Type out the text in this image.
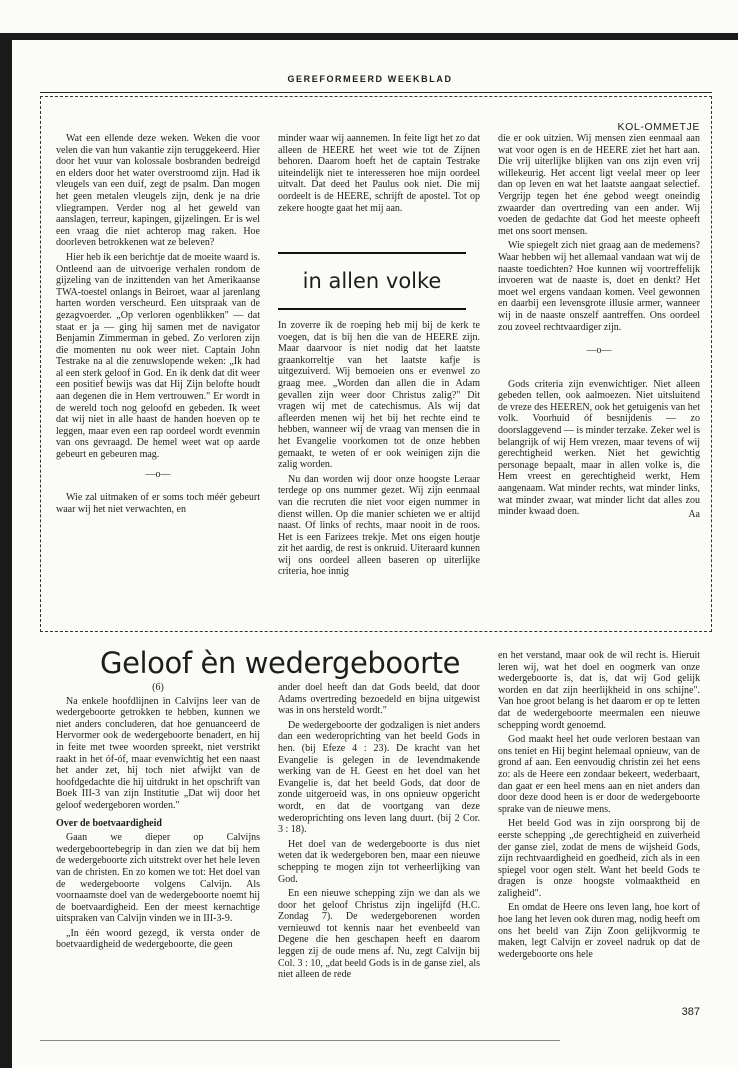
GEREFORMEERD WEEKBLAD
KOL-OMMETJE

Wat een ellende deze weken. Weken die voor velen die van hun vakantie zijn teruggekeerd. Hier door het vuur van kolossale bosbranden bedreigd en elders door het water overstroomd zijn. Had ik vleugels van een duif, zegt de psalm. Dan mogen het geen metalen vleugels zijn, denk je na drie vliegrampen. Verder nog al het geweld van aanslagen, terreur, kapingen, gijzelingen. Er is wel een vraag die niet achterop mag raken. Hoe doorleven betrokkenen wat ze beleven?

Hier heb ik een berichtje dat de moeite waard is. Ontleend aan de uitvoerige verhalen rondom de gijzeling van de inzittenden van het Amerikaanse TWA-toestel onlangs in Beiroet, waar al jarenlang harten worden verscheurd. Een uitspraak van de gezagvoerder. „Op verloren ogenblikken" — dat staat er ja — ging hij samen met de navigator Benjamin Zimmerman in gebed. Zo verloren zijn die momenten nu ook weer niet. Captain John Testrake na al die zenuwslopende weken: „Ik had al een sterk geloof in God. En ik denk dat dit weer een positief bewijs was dat Hij Zijn belofte houdt aan degenen die in Hem vertrouwen." Er wordt in de wereld toch nog geloofd en gebeden. Ik weet dat wij niet in alle haast de handen hoeven op te leggen, maar even een rap oordeel wordt evenmin van ons gevraagd. De hemel weet wat op aarde gebeurt en gebeuren mag.

—o—

Wie zal uitmaken of er soms toch méér gebeurt waar wij het niet verwachten, en

minder waar wij aannemen. In feite ligt het zo dat alleen de HEERE het weet wie tot de Zijnen behoren. Daarom hoeft het de captain Testrake uiteindelijk niet te interesseren hoe mijn oordeel uitvalt. Dat deed het Paulus ook niet. Die mij oordeelt is de HEERE, schrijft de apostel. Tot op zekere hoogte gaat het mij aan.

in allen volke

In zoverre ik de roeping heb mij bij de kerk te voegen, dat is bij hen die van de HEERE zijn. Maar daarvoor is niet nodig dat het laatste graankorreltje van het laatste kafje is uitgezuiverd. Wij bemoeien ons er evenwel zo graag mee. „Worden dan allen die in Adam gevallen zijn weer door Christus zalig?" Dit vragen wij met de catechismus. Als wij dat afleerden menen wij het bij het rechte eind te hebben, wanneer wij de vraag van mensen die in het Evangelie voorkomen tot de onze hebben gemaakt, te weten of er ook weinigen zijn die zalig worden.

Nu dan worden wij door onze hoogste Leraar terdege op ons nummer gezet. Wij zijn eenmaal van die recruten die niet voor eigen nummer in dienst willen. Op die manier schieten we er altijd naast. Of links of rechts, maar nooit in de roos. Het is een Farizees trekje. Met ons eigen houtje zit het aardig, de rest is onkruid. Uiteraard kunnen wij ons oordeel alleen baseren op uiterlijke criteria, hoe innig

die er ook uitzien. Wij mensen zien eenmaal aan wat voor ogen is en de HEERE ziet het hart aan. Die vrij uiterlijke blijken van ons zijn even vrij willekeurig. Het accent ligt veelal meer op leer dan op leven en wat het laatste aangaat selectief. Vergrijp tegen het éne gebod weegt oneindig zwaarder dan overtreding van een ander. Wij voeden de gedachte dat God het meeste opheeft met ons soort mensen.

Wie spiegelt zich niet graag aan de medemens? Waar hebben wij het allemaal vandaan wat wij de naaste toedichten? Hoe kunnen wij voortreffelijk invoeren wat de naaste is, doet en denkt? Het moet wel ergens vandaan komen. Veel gewonnen en daarbij een levensgrote illusie armer, wanneer wij in de naaste onszelf aantreffen. Ons oordeel zou zoveel rechtvaardiger zijn.

—o—

Gods criteria zijn evenwichtiger. Niet alleen gebeden tellen, ook aalmoezen. Niet uitsluitend de vreze des HEEREN, ook het getuigenis van het volk. Voorhuid óf besnijdenis — zo doorslaggevend — is minder terzake. Zeker wel is belangrijk of wij Hem vrezen, maar tevens of wij gerechtigheid werken. Niet het gewichtig personage bepaalt, maar in allen volke is, die Hem vreest en gerechtigheid werkt, Hem aangenaam. Wat minder rechts, wat minder links, wat minder zwaar, wat minder licht dat alles zou minder kwaad doen.	Aa
Geloof èn wedergeboorte
(6)

Na enkele hoofdlijnen in Calvijns leer van de wedergeboorte getrokken te hebben, kunnen we niet anders concluderen, dat hoe genuanceerd de Hervormer ook de wedergeboorte benadert, en hij in feite met twee woorden spreekt, niet verstrikt raakt in het óf-óf, maar evenwichtig het een naast het ander zet, hij toch niet afwijkt van de hoofdgedachte die hij uitdrukt in het opschrift van Boek III-3 van zijn Institutie „Dat wij door het geloof wedergeboren worden."

Over de boetvaardigheid

Gaan we dieper op Calvijns wedergeboortebegrip in dan zien we dat bij hem de wedergeboorte zich uitstrekt over het hele leven van de christen. En zo komen we tot: Het doel van de wedergeboorte volgens Calvijn. Als voornaamste doel van de wedergeboorte noemt hij de boetvaardigheid. Een der meest kernachtige uitspraken van Calvijn vinden we in III-3-9.

„In één woord gezegd, ik versta onder de boetvaardigheid de wedergeboorte, die geen

ander doel heeft dan dat Gods beeld, dat door Adams overtreding bezoedeld en bijna uitgewist was in ons hersteld wordt."

De wedergeboorte der godzaligen is niet anders dan een wederoprichting van het beeld Gods in hen. (bij Efeze 4 : 23). De kracht van het Evangelie is gelegen in de levendmakende werking van de H. Geest en het doel van het Evangelie is, dat het beeld Gods, dat door de zonde uitgeroeid was, in ons opnieuw opgericht wordt, en dat de voortgang van deze wederoprichting ons leven lang duurt. (bij 2 Cor. 3 : 18).

Het doel van de wedergeboorte is dus niet weten dat ik wedergeboren ben, maar een nieuwe schepping te mogen zijn tot verheerlijking van God.

En een nieuwe schepping zijn we dan als we door het geloof Christus zijn ingelijfd (H.C. Zondag 7). De wedergeborenen worden vernieuwd tot kennis naar het evenbeeld van Degene die hen geschapen heeft en daarom leggen zij de oude mens af. Nu, zegt Calvijn bij Col. 3 : 10, „dat beeld Gods is in de ganse ziel, als niet alleen de rede

en het verstand, maar ook de wil recht is. Hieruit leren wij, wat het doel en oogmerk van onze wedergeboorte is, dat is, dat wij God gelijk worden en dat zijn heerlijkheid in ons schijne". Van hoe groot belang is het daarom er op te letten dat de wedergeboorte meermalen een nieuwe schepping wordt genoemd.

God maakt heel het oude verloren bestaan van ons teniet en Hij begint helemaal opnieuw, van de grond af aan. Een eenvoudig christin zei het eens zo: als de Heere een zondaar bekeert, wederbaart, dan gaat er een heel mens aan en niet anders dan door deze dood heen is er door de wedergeboorte sprake van de nieuwe mens.

Het beeld God was in zijn oorsprong bij de eerste schepping „de gerechtigheid en zuiverheid der ganse ziel, zodat de mens de wijsheid Gods, zijn rechtvaardigheid en goedheid, zich als in een spiegel voor ogen stelt. Want het beeld Gods te dragen is onze hoogste volmaaktheid en zaligheid".

En omdat de Heere ons leven lang, hoe kort of hoe lang het leven ook duren mag, nodig heeft om ons het beeld van Zijn Zoon gelijkvormig te maken, legt Calvijn er zoveel nadruk op dat de wedergeboorte ons hele

387
